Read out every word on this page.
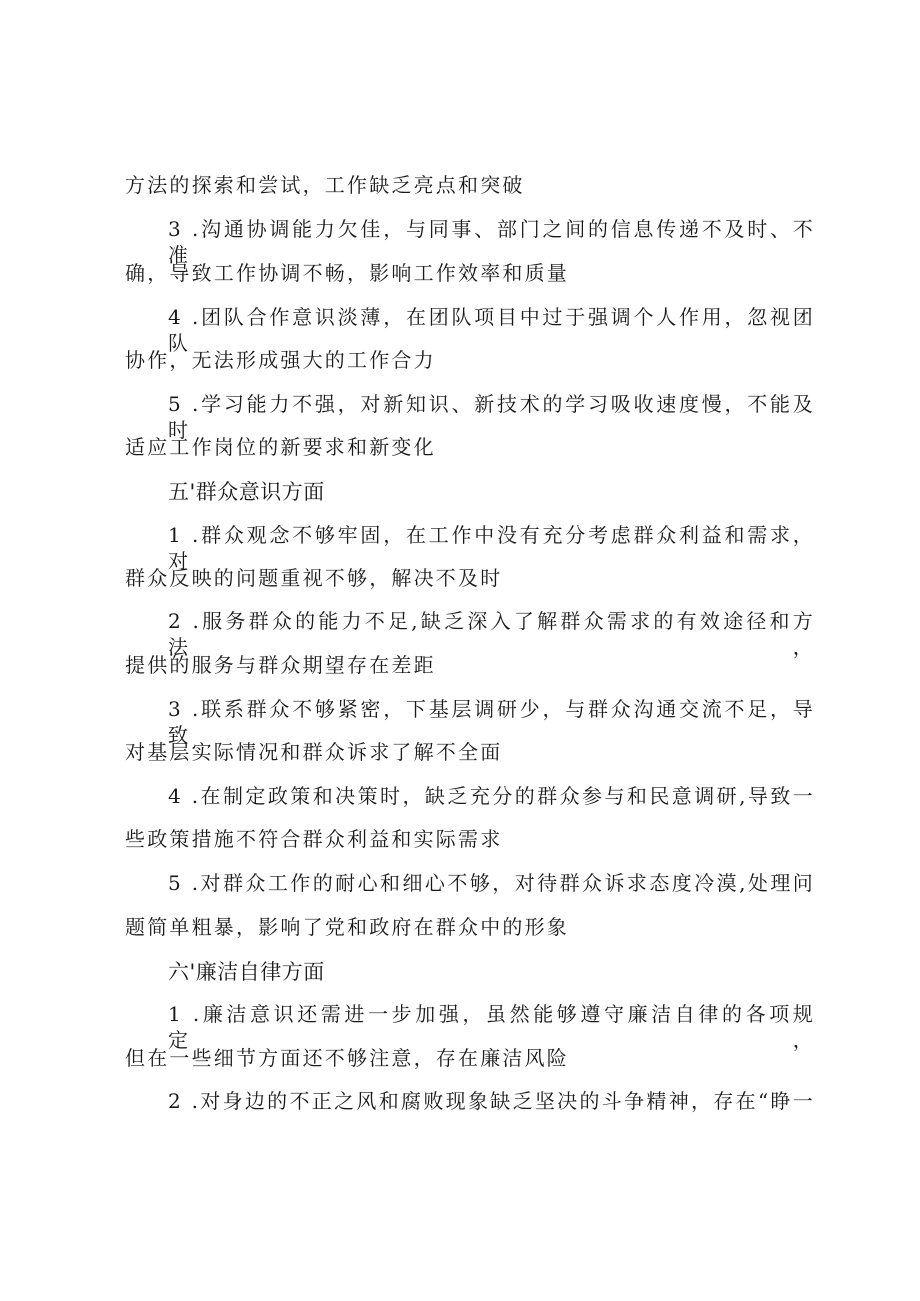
方法的探索和尝试，工作缺乏亮点和突破
3 .沟通协调能力欠佳，与同事、部门之间的信息传递不及时、不准
确，导致工作协调不畅，影响工作效率和质量
4 .团队合作意识淡薄，在团队项目中过于强调个人作用，忽视团队
协作，无法形成强大的工作合力
5 .学习能力不强，对新知识、新技术的学习吸收速度慢，不能及时
适应工作岗位的新要求和新变化
五'群众意识方面
1 .群众观念不够牢固，在工作中没有充分考虑群众利益和需求，对
群众反映的问题重视不够，解决不及时
2 .服务群众的能力不足,缺乏深入了解群众需求的有效途径和方法，
提供的服务与群众期望存在差距
3 .联系群众不够紧密，下基层调研少，与群众沟通交流不足，导致
对基层实际情况和群众诉求了解不全面
4 .在制定政策和决策时，缺乏充分的群众参与和民意调研,导致一
些政策措施不符合群众利益和实际需求
5 .对群众工作的耐心和细心不够，对待群众诉求态度冷漠,处理问
题简单粗暴，影响了党和政府在群众中的形象
六'廉洁自律方面
1 .廉洁意识还需进一步加强，虽然能够遵守廉洁自律的各项规定，
但在一些细节方面还不够注意，存在廉洁风险
2 .对身边的不正之风和腐败现象缺乏坚决的斗争精神，存在“睁一
